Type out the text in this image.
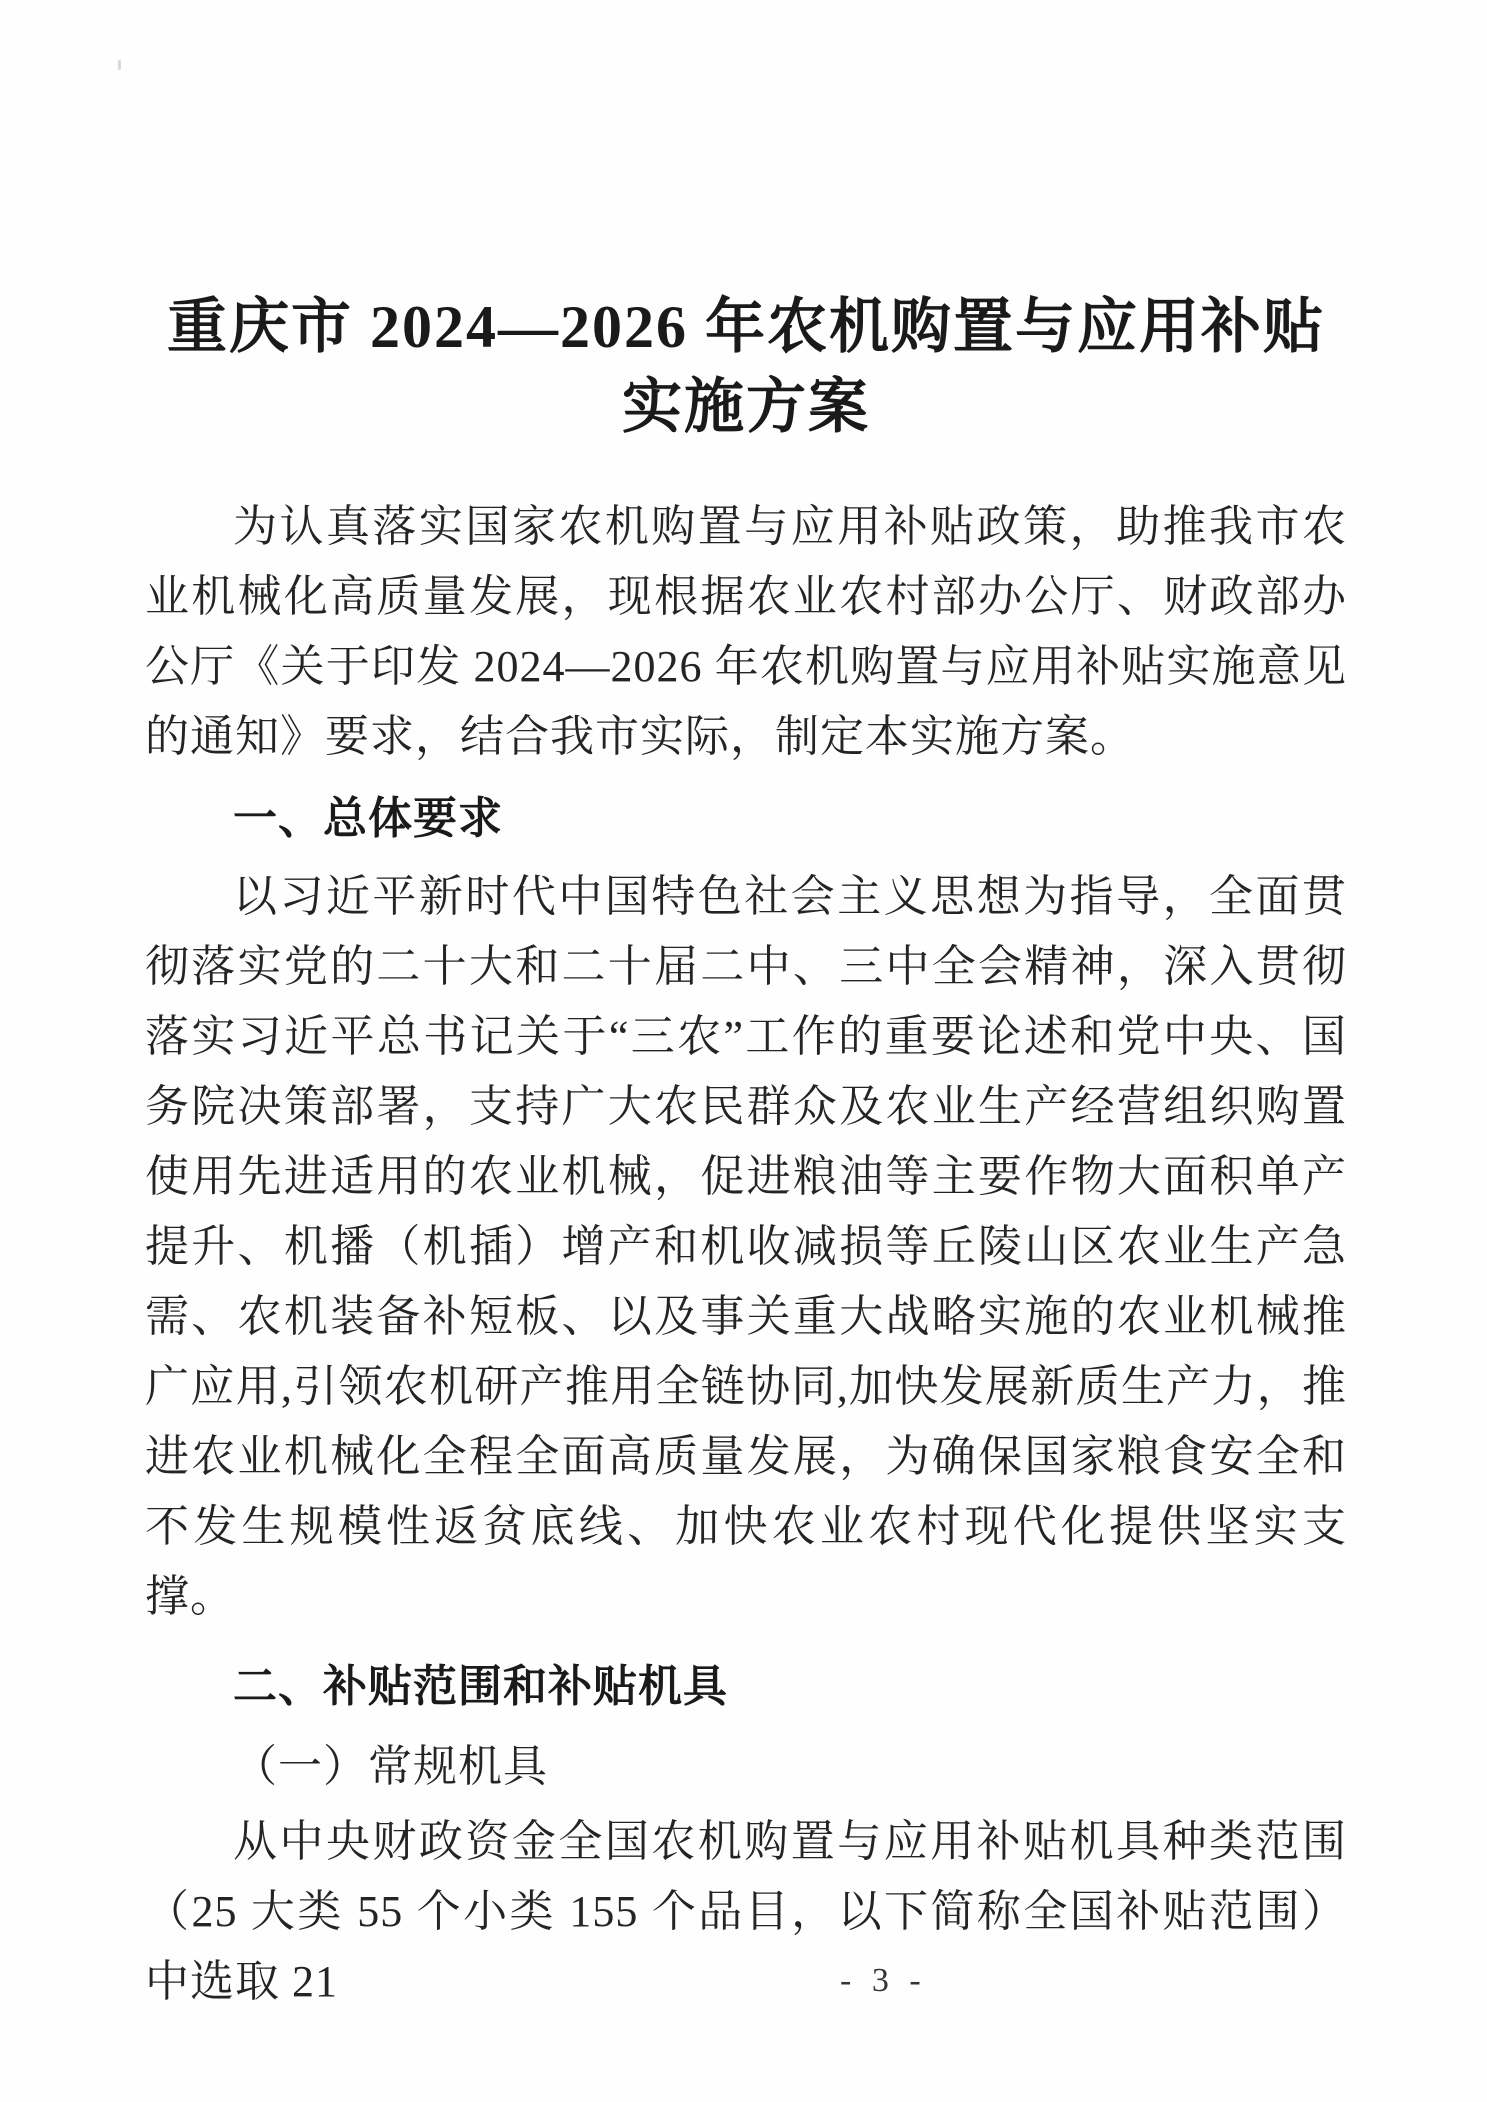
重庆市 2024—2026 年农机购置与应用补贴
实施方案

为认真落实国家农机购置与应用补贴政策，助推我市农业机械化高质量发展，现根据农业农村部办公厅、财政部办公厅《关于印发 2024—2026 年农机购置与应用补贴实施意见的通知》要求，结合我市实际，制定本实施方案。

一、总体要求

以习近平新时代中国特色社会主义思想为指导，全面贯彻落实党的二十大和二十届二中、三中全会精神，深入贯彻落实习近平总书记关于“三农”工作的重要论述和党中央、国务院决策部署，支持广大农民群众及农业生产经营组织购置使用先进适用的农业机械，促进粮油等主要作物大面积单产提升、机播（机插）增产和机收减损等丘陵山区农业生产急需、农机装备补短板、以及事关重大战略实施的农业机械推广应用,引领农机研产推用全链协同,加快发展新质生产力，推进农业机械化全程全面高质量发展，为确保国家粮食安全和不发生规模性返贫底线、加快农业农村现代化提供坚实支撑。

二、补贴范围和补贴机具
（一）常规机具

从中央财政资金全国农机购置与应用补贴机具种类范围（25 大类 55 个小类 155 个品目，以下简称全国补贴范围）中选取 21	- 3 -
